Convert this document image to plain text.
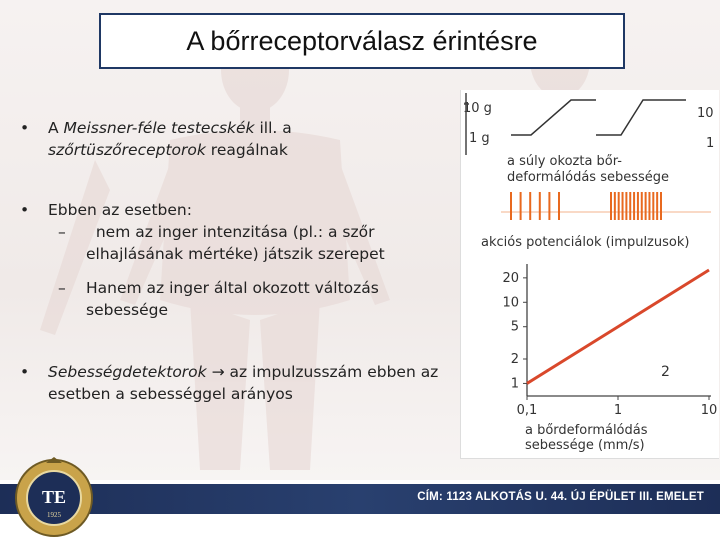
A bőrreceptorválasz érintésre
•	A Meissner-féle testecskék ill. a szőrtüszőreceptorok reagálnak
•	Ebben az esetben:
– nem az inger intenzitása (pl.: a szőr elhajlásának mértéke) játszik szerepet
– Hanem az inger által okozott változás sebessége
•	Sebességdetektorok → az impulzusszám ebben az esetben a sebességgel arányos
10 g
1 g
10
1
a súly okozta bőr-
deformálódás sebessége
akciós potenciálok (impulzusok)
1
2
5
10
20
0,1	1	10
2
a bőrdeformálódás
sebessége (mm/s)
CÍM: 1123 ALKOTÁS U. 44. ÚJ ÉPÜLET III. EMELET
TE
1925
